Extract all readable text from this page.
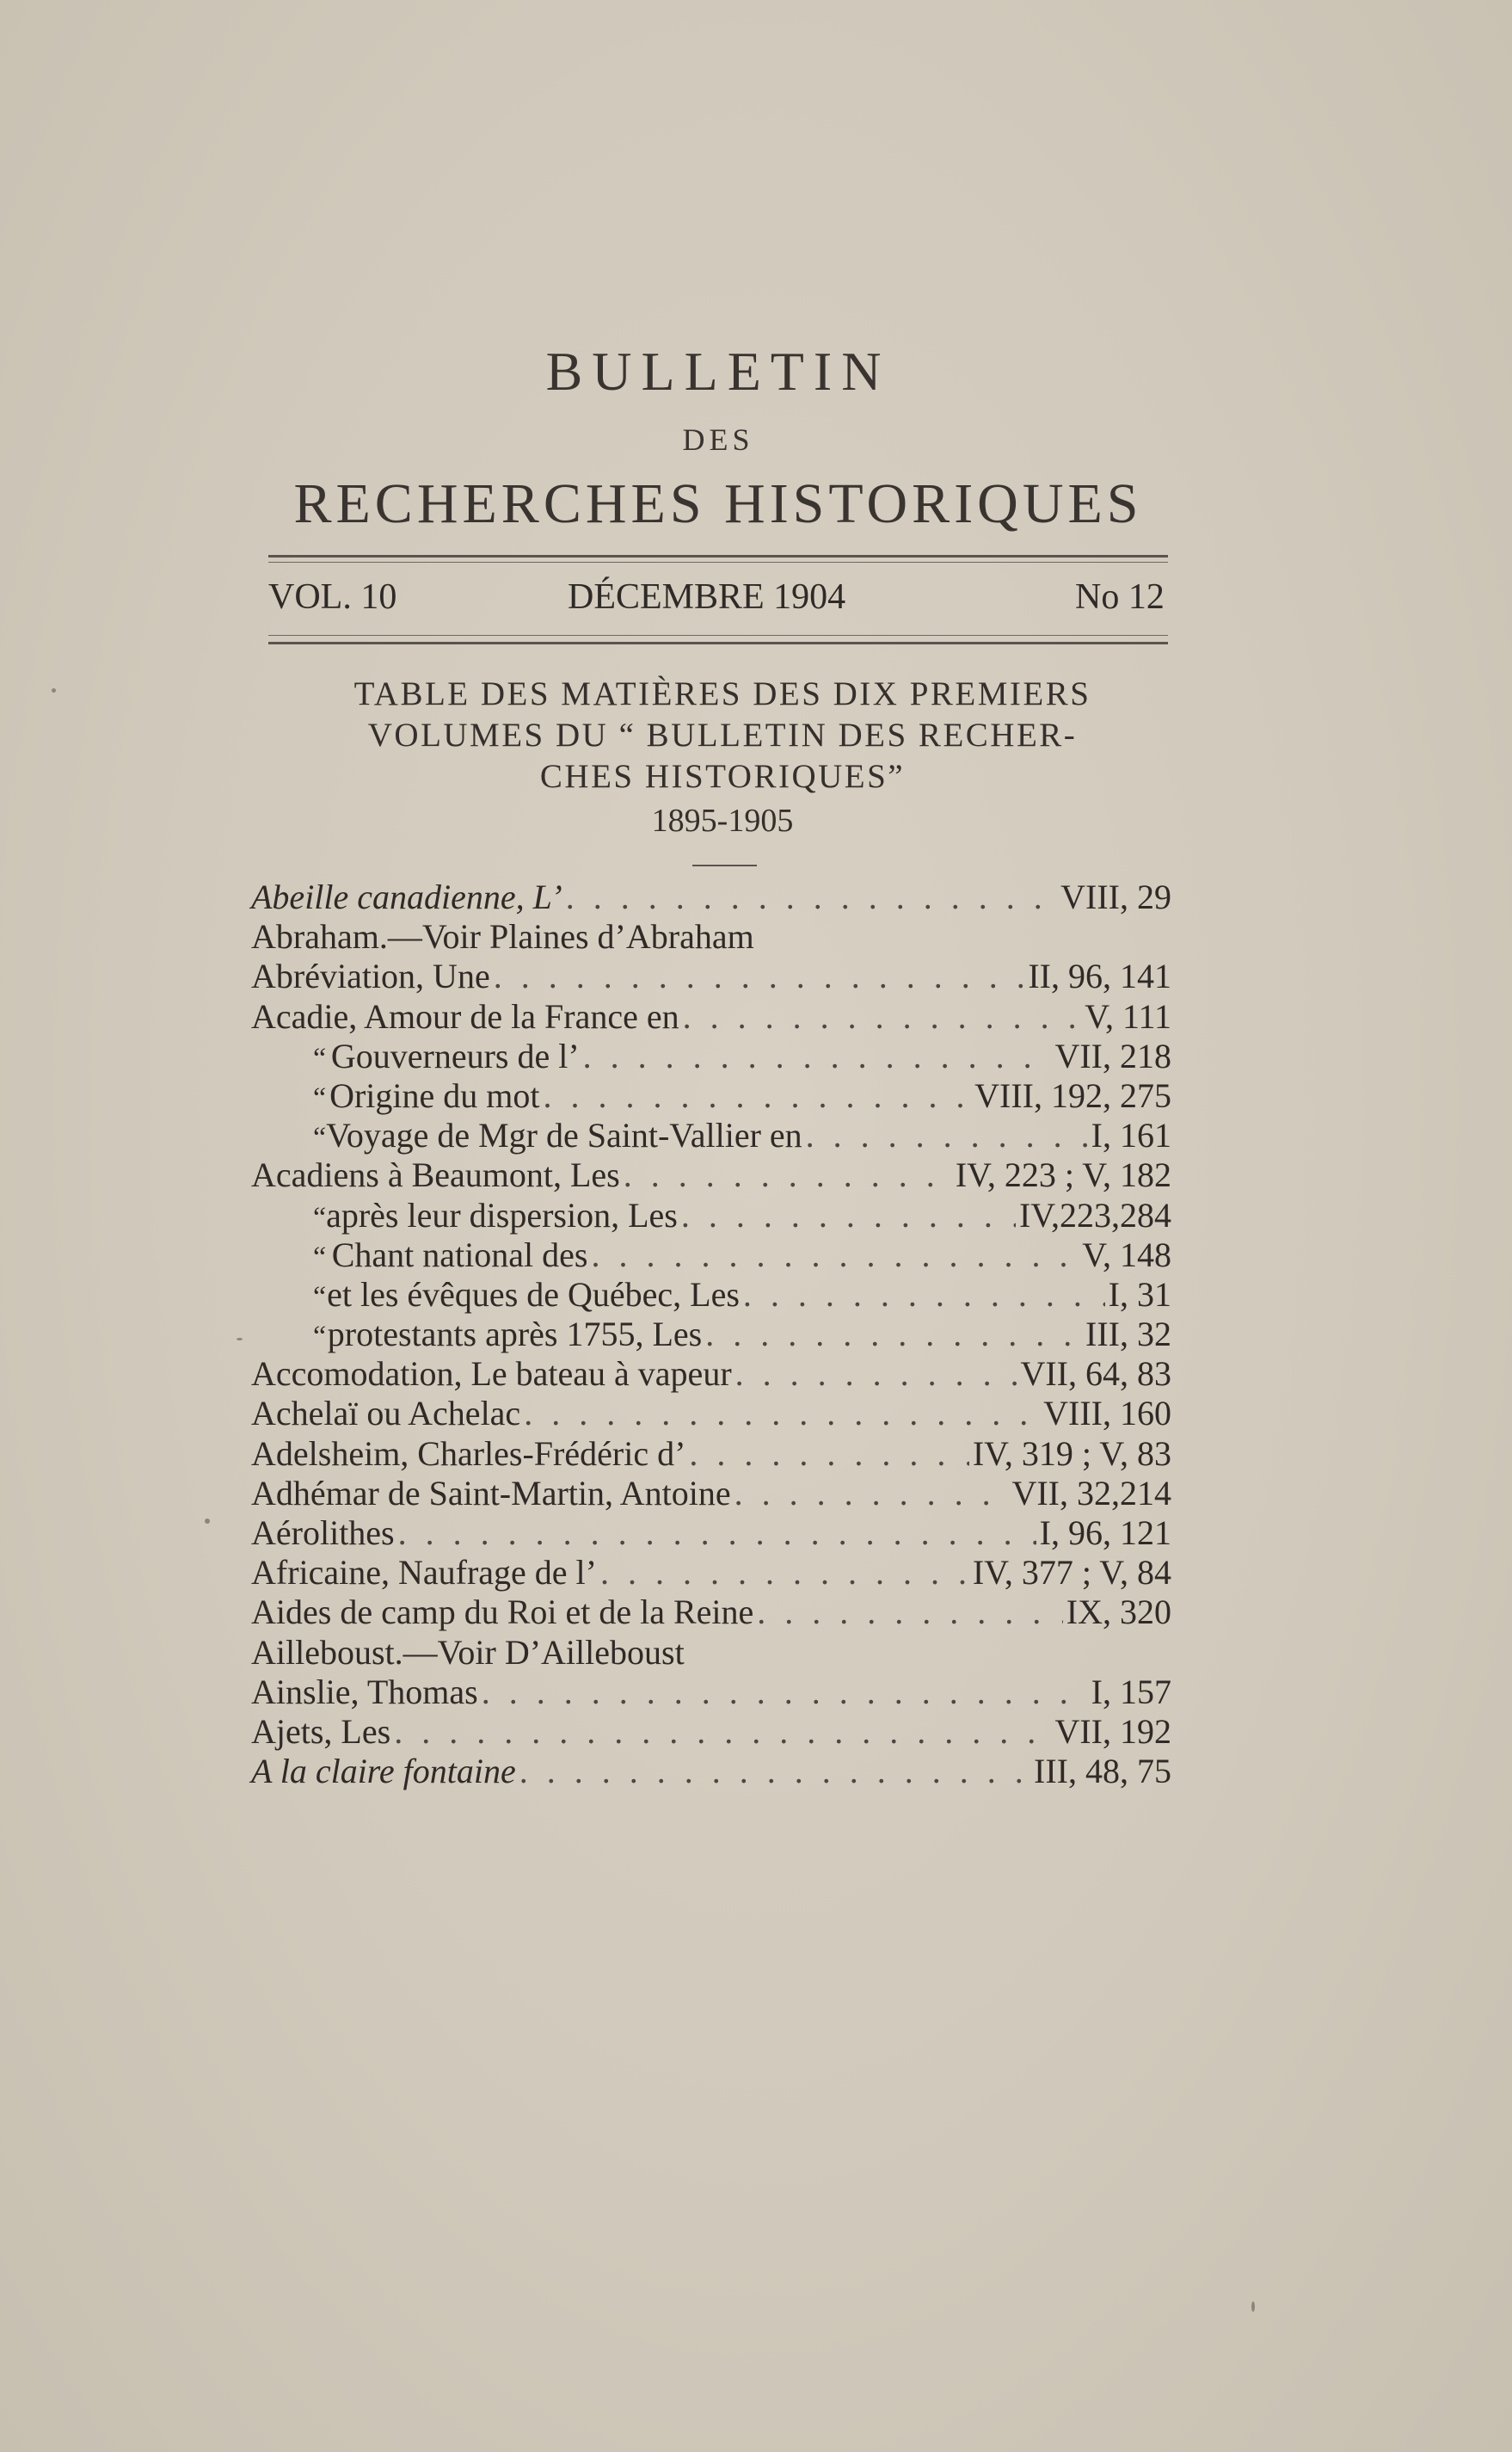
BULLETIN
DES
RECHERCHES HISTORIQUES
VOL. 10	DÉCEMBRE 1904	No 12
TABLE DES MATIÈRES DES DIX PREMIERS
VOLUMES DU “ BULLETIN DES RECHER-
CHES HISTORIQUES”
1895-1905
Abeille canadienne, L’ . . .	VIII, 29
Abraham.—Voir Plaines d’Abraham
Abréviation, Une . . .	II, 96, 141
Acadie, Amour de la France en . . .	V, 111
“ Gouverneurs de l’ . . .	VII, 218
“ Origine du mot . . .	VIII, 192, 275
“ Voyage de Mgr de Saint-Vallier en . . .	I, 161
Acadiens à Beaumont, Les . . .	IV, 223 ; V, 182
“ après leur dispersion, Les . . .	IV,223,284
“ Chant national des . . .	V, 148
“ et les évêques de Québec, Les . . .	I, 31
“ protestants après 1755, Les . . .	III, 32
Accomodation, Le bateau à vapeur . . .	VII, 64, 83
Achelaï ou Achelac . . .	VIII, 160
Adelsheim, Charles-Frédéric d’ . . .	IV, 319 ; V, 83
Adhémar de Saint-Martin, Antoine . . .	VII, 32,214
Aérolithes . . .	I, 96, 121
Africaine, Naufrage de l’ . . .	IV, 377 ; V, 84
Aides de camp du Roi et de la Reine . . .	IX, 320
Ailleboust.—Voir D’Ailleboust
Ainslie, Thomas . . .	I, 157
Ajets, Les . . .	VII, 192
A la claire fontaine . . .	III, 48, 75
